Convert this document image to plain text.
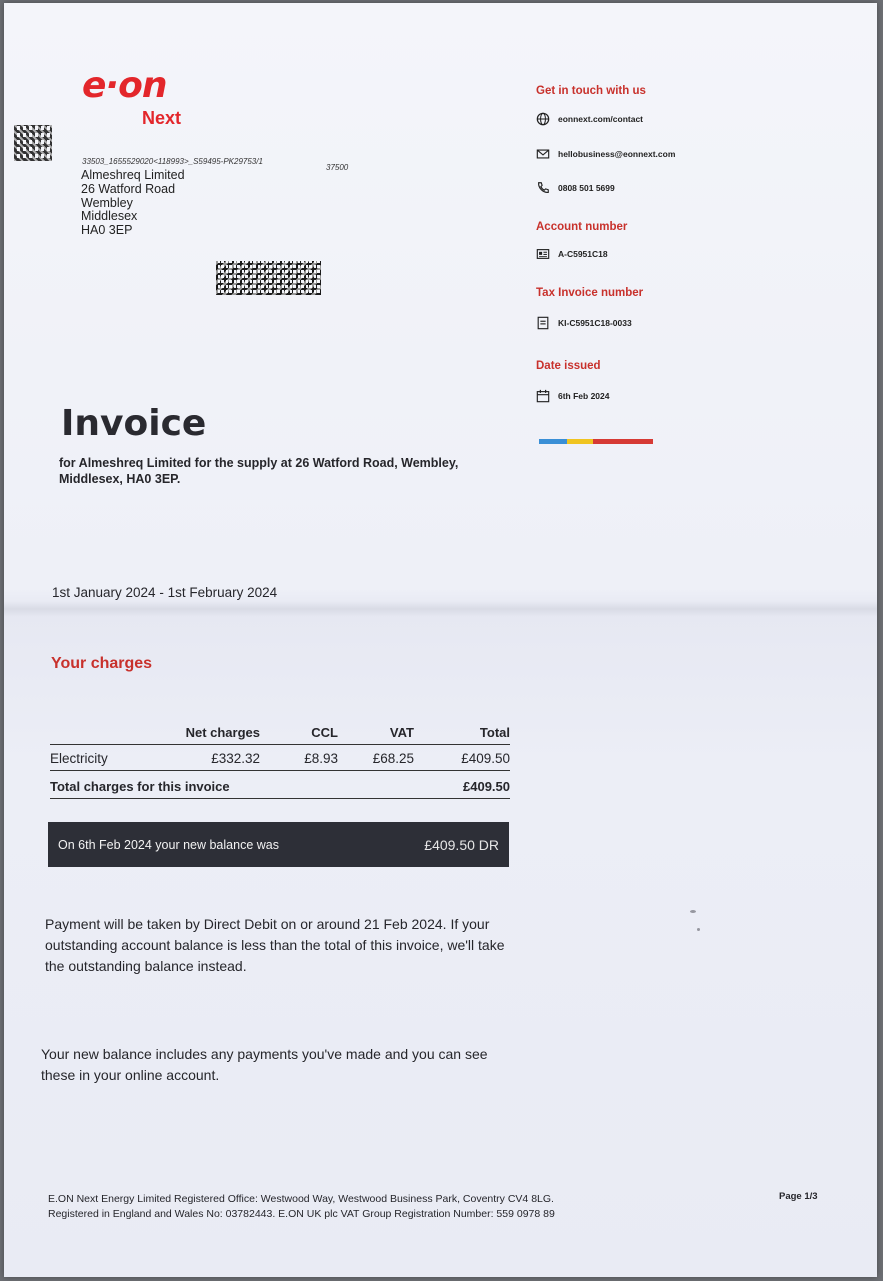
e·on
Next
33503_1655529020<118993>_S59495-PK29753/1
37500
Almeshreq Limited
26 Watford Road
Wembley
Middlesex
HA0 3EP
Get in touch with us
eonnext.com/contact
hellobusiness@eonnext.com
0808 501 5699
Account number
A-C5951C18
Tax Invoice number
KI-C5951C18-0033
Date issued
6th Feb 2024
Invoice
for Almeshreq Limited for the supply at 26 Watford Road, Wembley, Middlesex, HA0 3EP.
1st January 2024 - 1st February 2024
Your charges
	Net charges	CCL	VAT	Total
Electricity	£332.32	£8.93	£68.25	£409.50
Total charges for this invoice				£409.50
On 6th Feb 2024 your new balance was	£409.50 DR
Payment will be taken by Direct Debit on or around 21 Feb 2024. If your outstanding account balance is less than the total of this invoice, we'll take the outstanding balance instead.
Your new balance includes any payments you've made and you can see these in your online account.
E.ON Next Energy Limited Registered Office: Westwood Way, Westwood Business Park, Coventry CV4 8LG.
Registered in England and Wales No: 03782443. E.ON UK plc VAT Group Registration Number: 559 0978 89
Page 1/3
